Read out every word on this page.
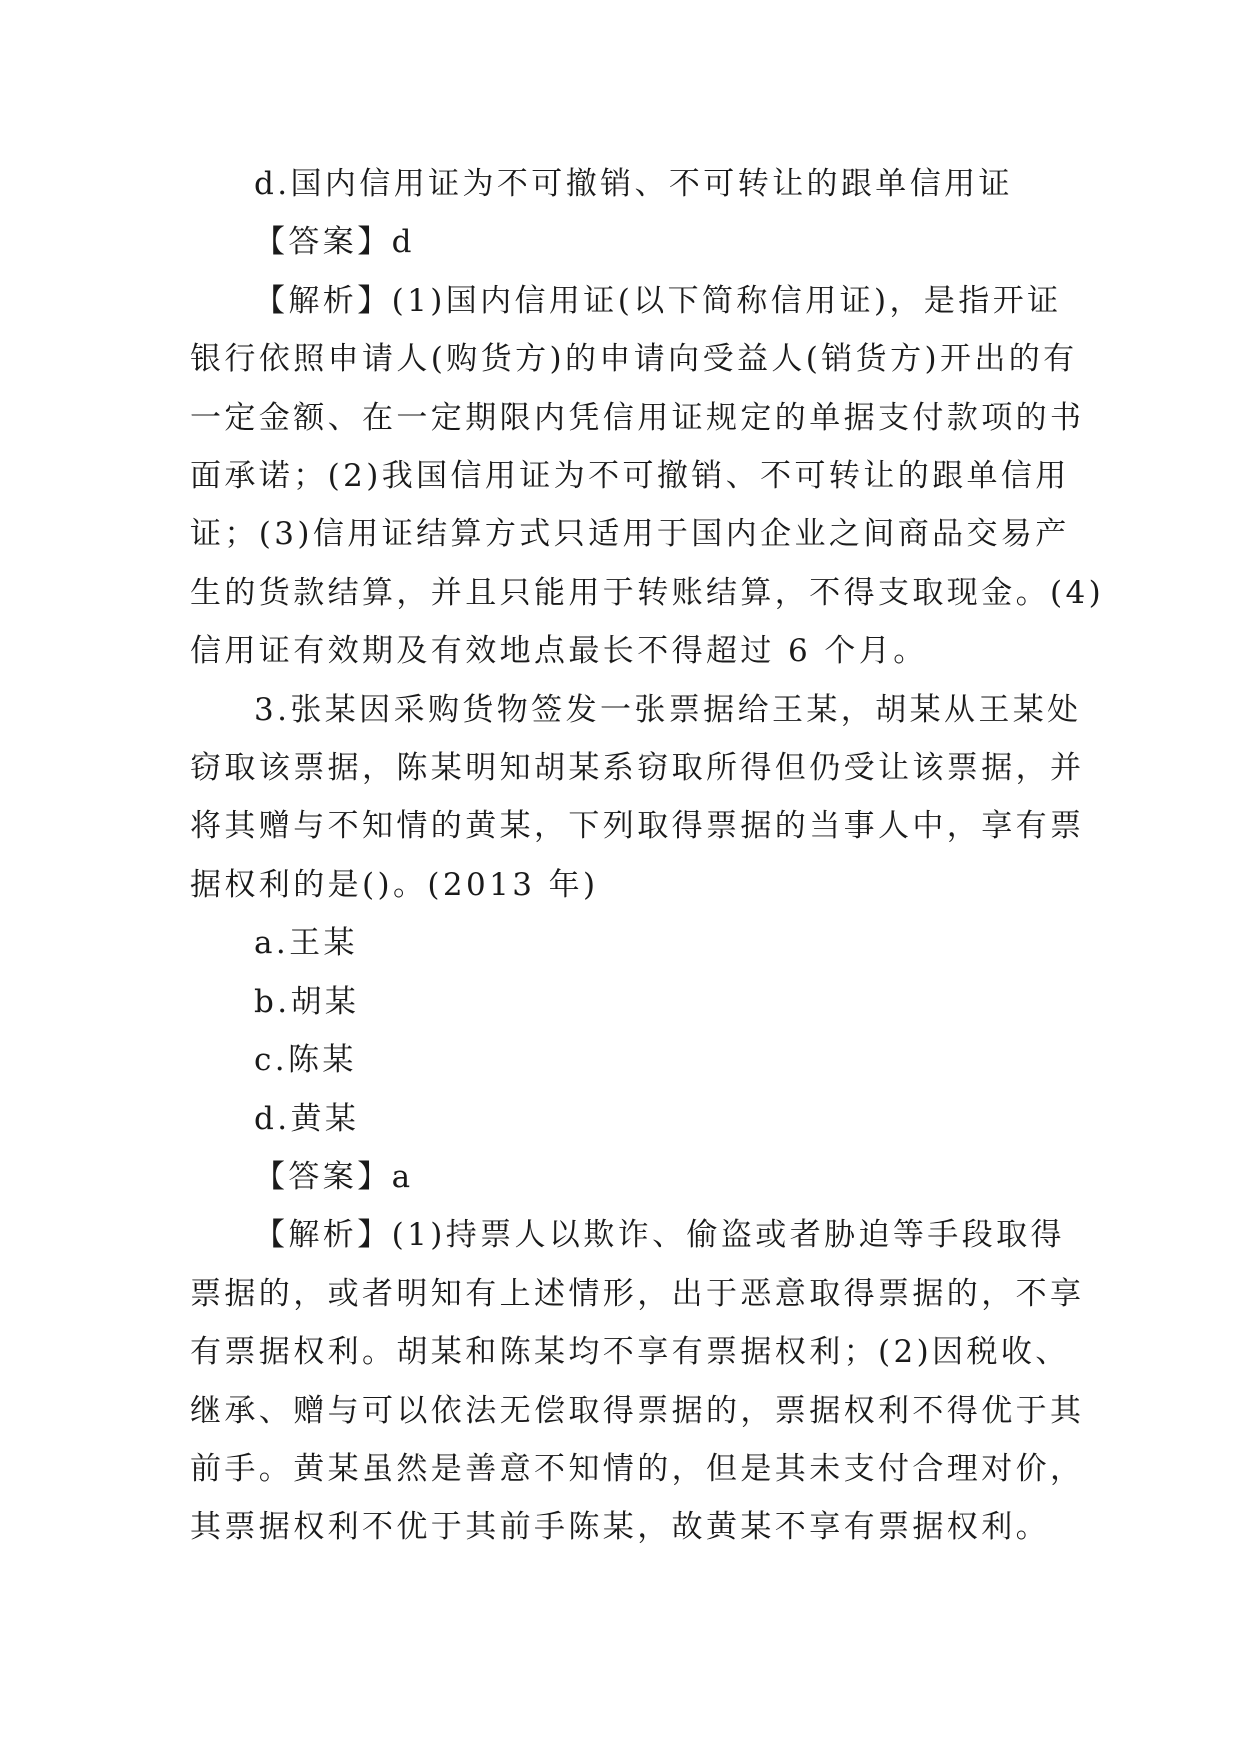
d.国内信用证为不可撤销、不可转让的跟单信用证

【答案】d

【解析】(1)国内信用证(以下简称信用证)，是指开证

银行依照申请人(购货方)的申请向受益人(销货方)开出的有

一定金额、在一定期限内凭信用证规定的单据支付款项的书

面承诺；(2)我国信用证为不可撤销、不可转让的跟单信用

证；(3)信用证结算方式只适用于国内企业之间商品交易产

生的货款结算，并且只能用于转账结算，不得支取现金。(4)

信用证有效期及有效地点最长不得超过 6 个月。

3.张某因采购货物签发一张票据给王某，胡某从王某处

窃取该票据，陈某明知胡某系窃取所得但仍受让该票据，并

将其赠与不知情的黄某，下列取得票据的当事人中，享有票

据权利的是()。(2013 年)

a.王某

b.胡某

c.陈某

d.黄某

【答案】a

【解析】(1)持票人以欺诈、偷盗或者胁迫等手段取得

票据的，或者明知有上述情形，出于恶意取得票据的，不享

有票据权利。胡某和陈某均不享有票据权利；(2)因税收、

继承、赠与可以依法无偿取得票据的，票据权利不得优于其

前手。黄某虽然是善意不知情的，但是其未支付合理对价，

其票据权利不优于其前手陈某，故黄某不享有票据权利。
